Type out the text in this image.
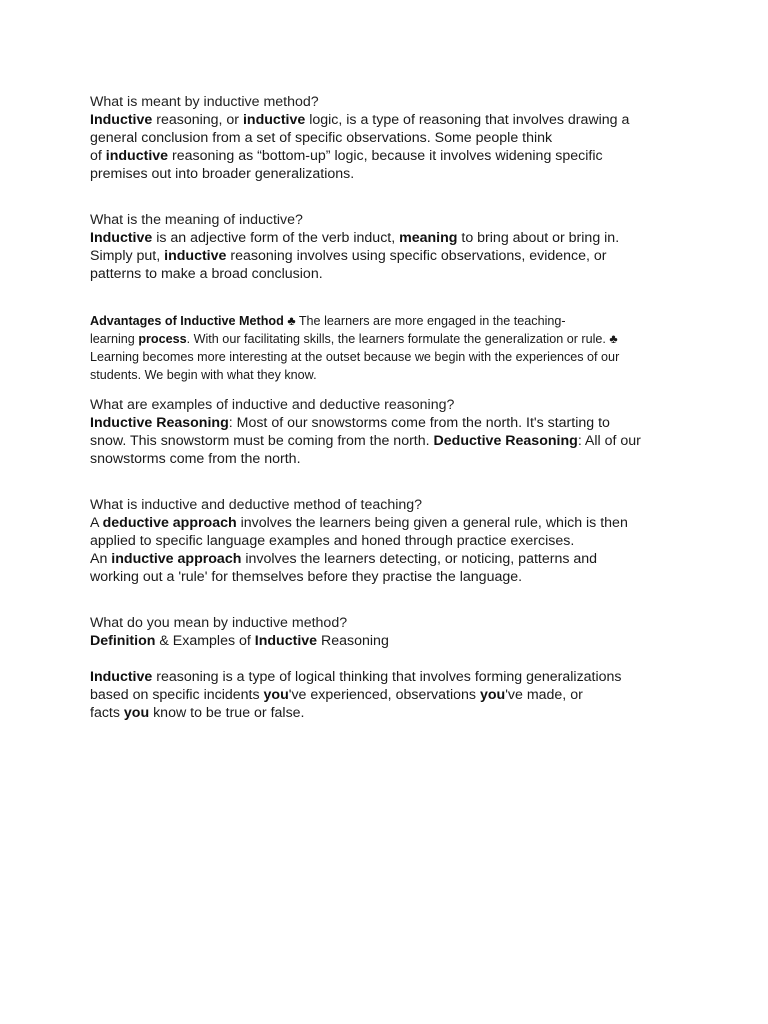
What is meant by inductive method?
Inductive reasoning, or inductive logic, is a type of reasoning that involves drawing a
general conclusion from a set of specific observations. Some people think
of inductive reasoning as “bottom-up” logic, because it involves widening specific
premises out into broader generalizations.
What is the meaning of inductive?
Inductive is an adjective form of the verb induct, meaning to bring about or bring in.
Simply put, inductive reasoning involves using specific observations, evidence, or
patterns to make a broad conclusion.
Advantages of Inductive Method ♣ The learners are more engaged in the teaching-
learning process. With our facilitating skills, the learners formulate the generalization or rule. ♣
Learning becomes more interesting at the outset because we begin with the experiences of our
students. We begin with what they know.
What are examples of inductive and deductive reasoning?
Inductive Reasoning: Most of our snowstorms come from the north. It's starting to
snow. This snowstorm must be coming from the north. Deductive Reasoning: All of our
snowstorms come from the north.
What is inductive and deductive method of teaching?
A deductive approach involves the learners being given a general rule, which is then
applied to specific language examples and honed through practice exercises.
An inductive approach involves the learners detecting, or noticing, patterns and
working out a 'rule' for themselves before they practise the language.
What do you mean by inductive method?
Definition & Examples of Inductive Reasoning
Inductive reasoning is a type of logical thinking that involves forming generalizations
based on specific incidents you've experienced, observations you've made, or
facts you know to be true or false.
